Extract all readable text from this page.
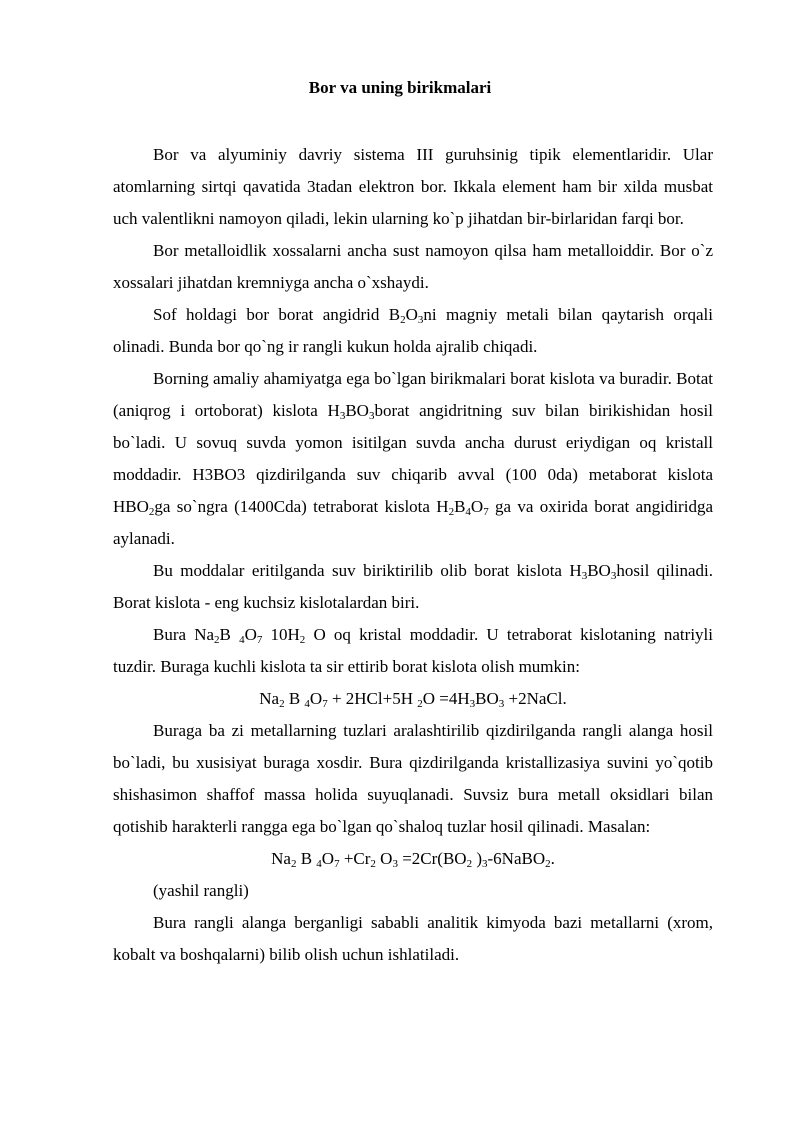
Bor va uning birikmalari

Bor va alyuminiy davriy sistema III guruhsinig tipik elementlaridir. Ular atomlarning sirtqi qavatida 3tadan elektron bor. Ikkala element ham bir xilda musbat uch valentlikni namoyon qiladi, lekin ularning ko`p jihatdan bir-birlaridan farqi bor.

Bor metalloidlik xossalarni ancha sust namoyon qilsa ham metalloiddir. Bor o`z xossalari jihatdan kremniyga ancha o`xshaydi.

Sof holdagi bor borat angidrid $B_2O_3ni$ magniy metali bilan qaytarish orqali olinadi. Bunda bor qo`ng ir rangli kukun holda ajralib chiqadi.

Borning amaliy ahamiyatga ega bo`lgan birikmalari borat kislota va buradir. Botat (aniqrog i ortoborat) kislota $H_3BO_3borat$ angidritning suv bilan birikishidan hosil bo`ladi. U sovuq suvda yomon isitilgan suvda ancha durust eriydigan oq kristall moddadir. H3BO3 qizdirilganda suv chiqarib avval (100 0da) metaborat kislota $HBO_2ga$ so`ngra (1400Cda) tetraborat kislota $H_2B_4O_7$ ga va oxirida borat angidiridga aylanadi.

Bu moddalar eritilganda suv biriktirilib olib borat kislota $H_3BO_3hosil$ qilinadi. Borat kislota - eng kuchsiz kislotalardan biri.

Bura $Na_2B$ $_4O_7$ $10H_2$ O oq kristal moddadir. U tetraborat kislotaning natriyli tuzdir. Buraga kuchli kislota ta sir ettirib borat kislota olish mumkin:

$Na_2$ B $_4O_7 + 2HCl+5H$ $_2O =4H_3BO_3$ +2NaCl.

Buraga ba zi metallarning tuzlari aralashtirilib qizdirilganda rangli alanga hosil bo`ladi, bu xusisiyat buraga xosdir. Bura qizdirilganda kristallizasiya suvini yo`qotib shishasimon shaffof massa holida suyuqlanadi. Suvsiz bura metall oksidlari bilan qotishib harakterli rangga ega bo`lgan qo`shaloq tuzlar hosil qilinadi. Masalan:

$Na_2$ B $_4O_7 +Cr_2$ $O_3 =2Cr(BO_2$ )$_3-6NaBO_2$.

(yashil rangli)

Bura rangli alanga berganligi sababli analitik kimyoda bazi metallarni (xrom, kobalt va boshqalarni) bilib olish uchun ishlatiladi.
